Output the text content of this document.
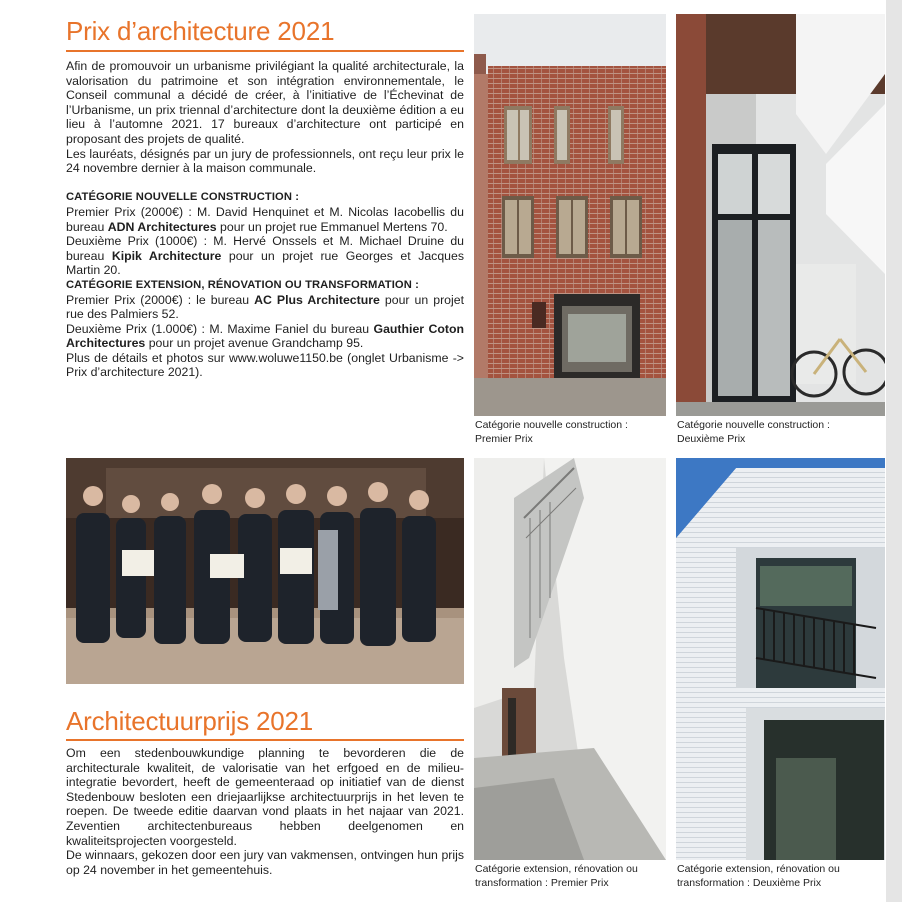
Prix d’architecture 2021

Afin de promouvoir un urbanisme privilégiant la qualité architecturale, la valorisation du patrimoine et son intégration environnementale, le Conseil communal a décidé de créer, à l’initiative de l’Échevinat de l’Urbanisme, un prix triennal d’architecture dont la deuxième édition a eu lieu à l’automne 2021. 17 bureaux d’architecture ont participé en proposant des projets de qualité.

Les lauréats, désignés par un jury de professionnels, ont reçu leur prix le 24 novembre dernier à la maison communale.

CATÉGORIE NOUVELLE CONSTRUCTION :

Premier Prix (2000€) : M. David Henquinet et M. Nicolas Iacobellis du bureau ADN Architectures pour un projet rue Emmanuel Mertens 70.

Deuxième Prix (1000€) : M. Hervé Onssels et M. Michael Druine du bureau Kipik Architecture pour un projet rue Georges et Jacques Martin 20.

CATÉGORIE EXTENSION, RÉNOVATION OU TRANSFORMATION :

Premier Prix (2000€) : le bureau AC Plus Architecture pour un projet rue des Palmiers 52.

Deuxième Prix (1.000€) : M. Maxime Faniel du bureau Gauthier Coton Architectures pour un projet avenue Grandchamp 95.

Plus de détails et photos sur www.woluwe1150.be (onglet Urbanisme -> Prix d’architecture 2021).

Catégorie nouvelle construction :
Premier Prix
Catégorie nouvelle construction :
Deuxième Prix
Architectuurprijs 2021

Om een stedenbouwkundige planning te bevorderen die de architecturale kwaliteit, de valorisatie van het erfgoed en de milieu-integratie bevordert, heeft de gemeenteraad op initiatief van de dienst Stedenbouw besloten een driejaarlijkse architectuurprijs in het leven te roepen. De tweede editie daarvan vond plaats in het najaar van 2021. Zeventien architectenbureaus hebben deelgenomen en kwaliteitsprojecten voorgesteld.

De winnaars, gekozen door een jury van vakmensen, ontvingen hun prijs op 24 november in het gemeentehuis.	Catégorie extension, rénovation ou
transformation : Premier Prix
Catégorie extension, rénovation ou
transformation : Deuxième Prix
